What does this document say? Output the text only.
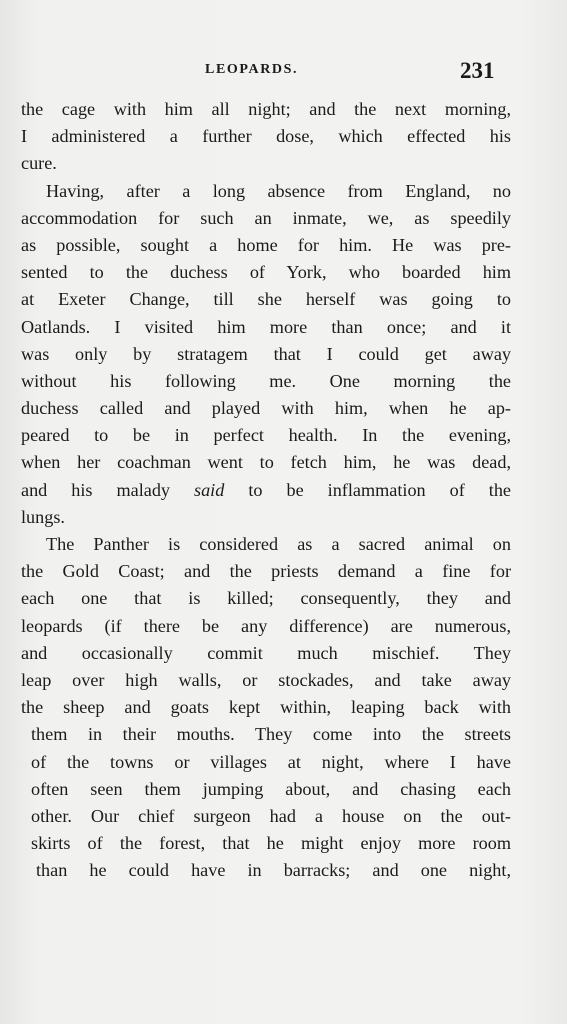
LEOPARDS.	231
the cage with him all night; and the next morning,
I administered a further dose, which effected his
cure.
Having, after a long absence from England, no
accommodation for such an inmate, we, as speedily
as possible, sought a home for him. He was pre-
sented to the duchess of York, who boarded him
at Exeter Change, till she herself was going to
Oatlands. I visited him more than once; and it
was only by stratagem that I could get away
without his following me. One morning the
duchess called and played with him, when he ap-
peared to be in perfect health. In the evening,
when her coachman went to fetch him, he was dead,
and his malady said to be inflammation of the
lungs.
The Panther is considered as a sacred animal on
the Gold Coast; and the priests demand a fine for
each one that is killed; consequently, they and
leopards (if there be any difference) are numerous,
and occasionally commit much mischief. They
leap over high walls, or stockades, and take away
the sheep and goats kept within, leaping back with
them in their mouths. They come into the streets
of the towns or villages at night, where I have
often seen them jumping about, and chasing each
other. Our chief surgeon had a house on the out-
skirts of the forest, that he might enjoy more room
than he could have in barracks; and one night,
